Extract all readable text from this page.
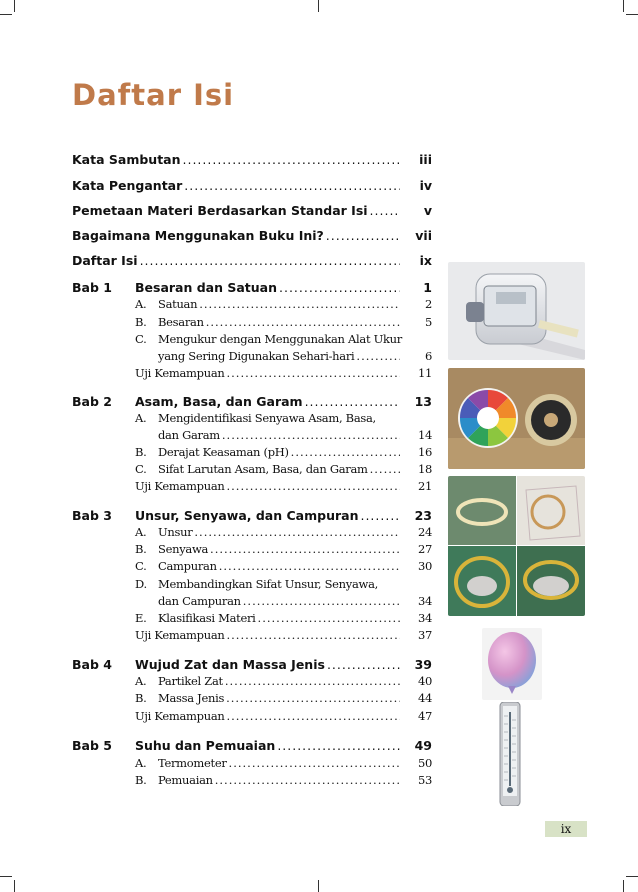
Daftar Isi
Kata Sambutan .....	iii
Kata Pengantar .....	iv
Pemetaan Materi Berdasarkan Standar Isi .....	v
Bagaimana Menggunakan Buku Ini? .....	vii
Daftar Isi .....	ix
Bab 1 Besaran dan Satuan .....	1
A. Satuan .....	2
B. Besaran .....	5
C. Mengukur dengan Menggunakan Alat Ukur
yang Sering Digunakan Sehari-hari .....	6
Uji Kemampuan .....	11
Bab 2 Asam, Basa, dan Garam .....	13
A. Mengidentifikasi Senyawa Asam, Basa,
dan Garam .....	14
B. Derajat Keasaman (pH) .....	16
C. Sifat Larutan Asam, Basa, dan Garam .....	18
Uji Kemampuan .....	21
Bab 3 Unsur, Senyawa, dan Campuran .....	23
A. Unsur .....	24
B. Senyawa .....	27
C. Campuran .....	30
D. Membandingkan Sifat Unsur, Senyawa,
dan Campuran .....	34
E. Klasifikasi Materi .....	34
Uji Kemampuan .....	37
Bab 4 Wujud Zat dan Massa Jenis .....	39
A. Partikel Zat .....	40
B. Massa Jenis .....	44
Uji Kemampuan .....	47
Bab 5 Suhu dan Pemuaian .....	49
A. Termometer .....	50
B. Pemuaian .....	53
ix
